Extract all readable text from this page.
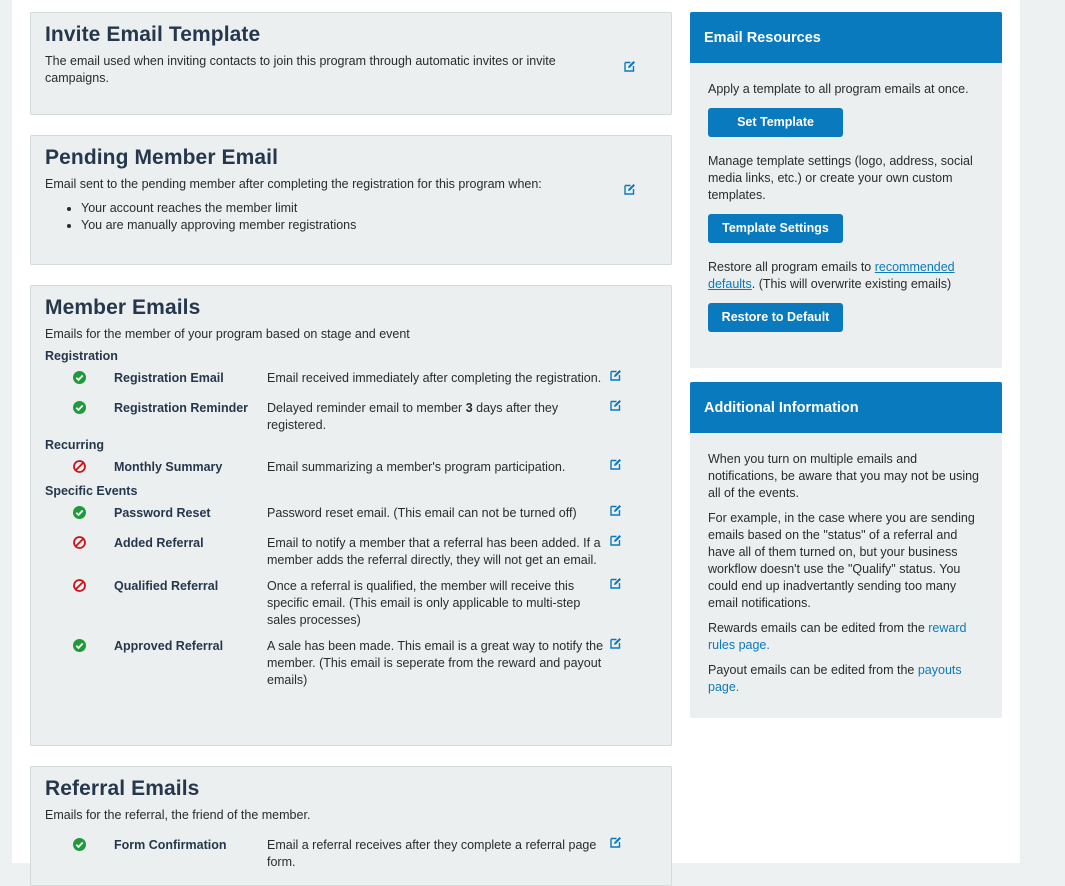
Invite Email Template
The email used when inviting contacts to join this program through automatic invites or invite campaigns.
Pending Member Email
Email sent to the pending member after completing the registration for this program when:
• Your account reaches the member limit
• You are manually approving member registrations
Member Emails
Emails for the member of your program based on stage and event
Registration
Registration Email	Email received immediately after completing the registration.
Registration Reminder	Delayed reminder email to member 3 days after they registered.
Recurring
Monthly Summary	Email summarizing a member's program participation.
Specific Events
Password Reset	Password reset email. (This email can not be turned off)
Added Referral	Email to notify a member that a referral has been added. If a member adds the referral directly, they will not get an email.
Qualified Referral	Once a referral is qualified, the member will receive this specific email. (This email is only applicable to multi-step sales processes)
Approved Referral	A sale has been made. This email is a great way to notify the member. (This email is seperate from the reward and payout emails)
Referral Emails
Emails for the referral, the friend of the member.
Form Confirmation	Email a referral receives after they complete a referral page form.
Email Resources

Apply a template to all program emails at once.

Set Template

Manage template settings (logo, address, social media links, etc.) or create your own custom templates.

Template Settings

Restore all program emails to recommended defaults. (This will overwrite existing emails)

Restore to Default
Additional Information

When you turn on multiple emails and notifications, be aware that you may not be using all of the events.

For example, in the case where you are sending emails based on the "status" of a referral and have all of them turned on, but your business workflow doesn't use the "Qualify" status. You could end up inadvertantly sending too many email notifications.

Rewards emails can be edited from the reward rules page.

Payout emails can be edited from the payouts page.
